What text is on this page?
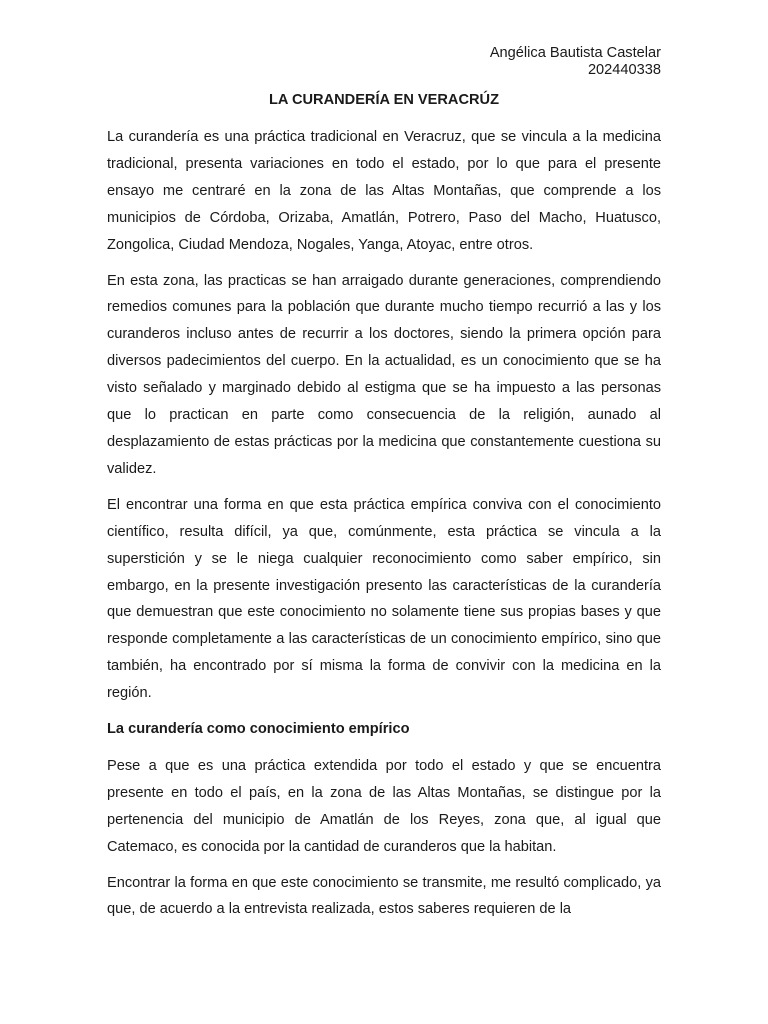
Angélica Bautista Castelar
202440338
LA CURANDERÍA EN VERACRÚZ

La curandería es una práctica tradicional en Veracruz, que se vincula a la medicina tradicional, presenta variaciones en todo el estado, por lo que para el presente ensayo me centraré en la zona de las Altas Montañas, que comprende a los municipios de Córdoba, Orizaba, Amatlán, Potrero, Paso del Macho, Huatusco, Zongolica, Ciudad Mendoza, Nogales, Yanga, Atoyac, entre otros.

En esta zona, las practicas se han arraigado durante generaciones, comprendiendo remedios comunes para la población que durante mucho tiempo recurrió a las y los curanderos incluso antes de recurrir a los doctores, siendo la primera opción para diversos padecimientos del cuerpo. En la actualidad, es un conocimiento que se ha visto señalado y marginado debido al estigma que se ha impuesto a las personas que lo practican en parte como consecuencia de la religión, aunado al desplazamiento de estas prácticas por la medicina que constantemente cuestiona su validez.

El encontrar una forma en que esta práctica empírica conviva con el conocimiento científico, resulta difícil, ya que, comúnmente, esta práctica se vincula a la superstición y se le niega cualquier reconocimiento como saber empírico, sin embargo, en la presente investigación presento las características de la curandería que demuestran que este conocimiento no solamente tiene sus propias bases y que responde completamente a las características de un conocimiento empírico, sino que también, ha encontrado por sí misma la forma de convivir con la medicina en la región.

La curandería como conocimiento empírico

Pese a que es una práctica extendida por todo el estado y que se encuentra presente en todo el país, en la zona de las Altas Montañas, se distingue por la pertenencia del municipio de Amatlán de los Reyes, zona que, al igual que Catemaco, es conocida por la cantidad de curanderos que la habitan.

Encontrar la forma en que este conocimiento se transmite, me resultó complicado, ya que, de acuerdo a la entrevista realizada, estos saberes requieren de la
